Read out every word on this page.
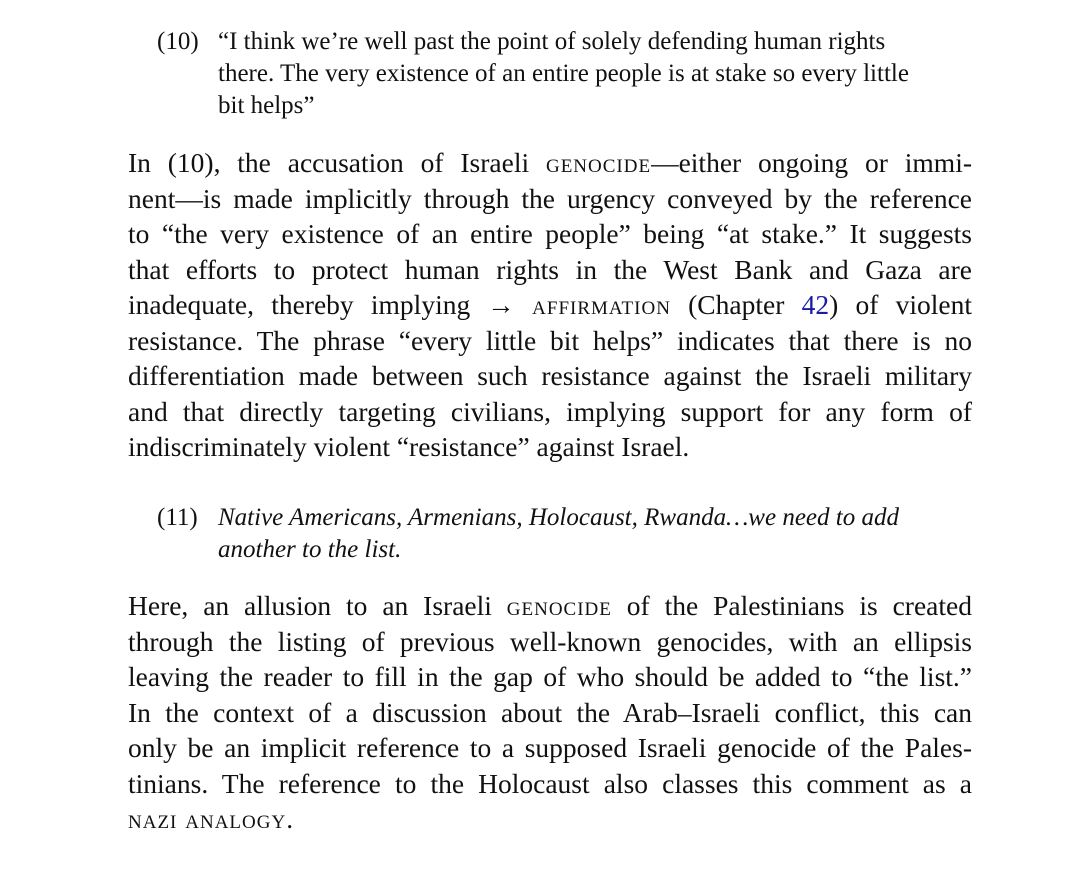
(10) “I think we’re well past the point of solely defending human rights
there. The very existence of an entire people is at stake so every little
bit helps”
In (10), the accusation of Israeli genocide—either ongoing or immi-
nent—is made implicitly through the urgency conveyed by the reference
to “the very existence of an entire people” being “at stake.” It suggests
that efforts to protect human rights in the West Bank and Gaza are
inadequate, thereby implying → affirmation (Chapter 42) of violent
resistance. The phrase “every little bit helps” indicates that there is no
differentiation made between such resistance against the Israeli military
and that directly targeting civilians, implying support for any form of
indiscriminately violent “resistance” against Israel.
(11) Native Americans, Armenians, Holocaust, Rwanda…we need to add
another to the list.
Here, an allusion to an Israeli genocide of the Palestinians is created
through the listing of previous well-known genocides, with an ellipsis
leaving the reader to fill in the gap of who should be added to “the list.”
In the context of a discussion about the Arab–Israeli conflict, this can
only be an implicit reference to a supposed Israeli genocide of the Pales-
tinians. The reference to the Holocaust also classes this comment as a
nazi analogy.
